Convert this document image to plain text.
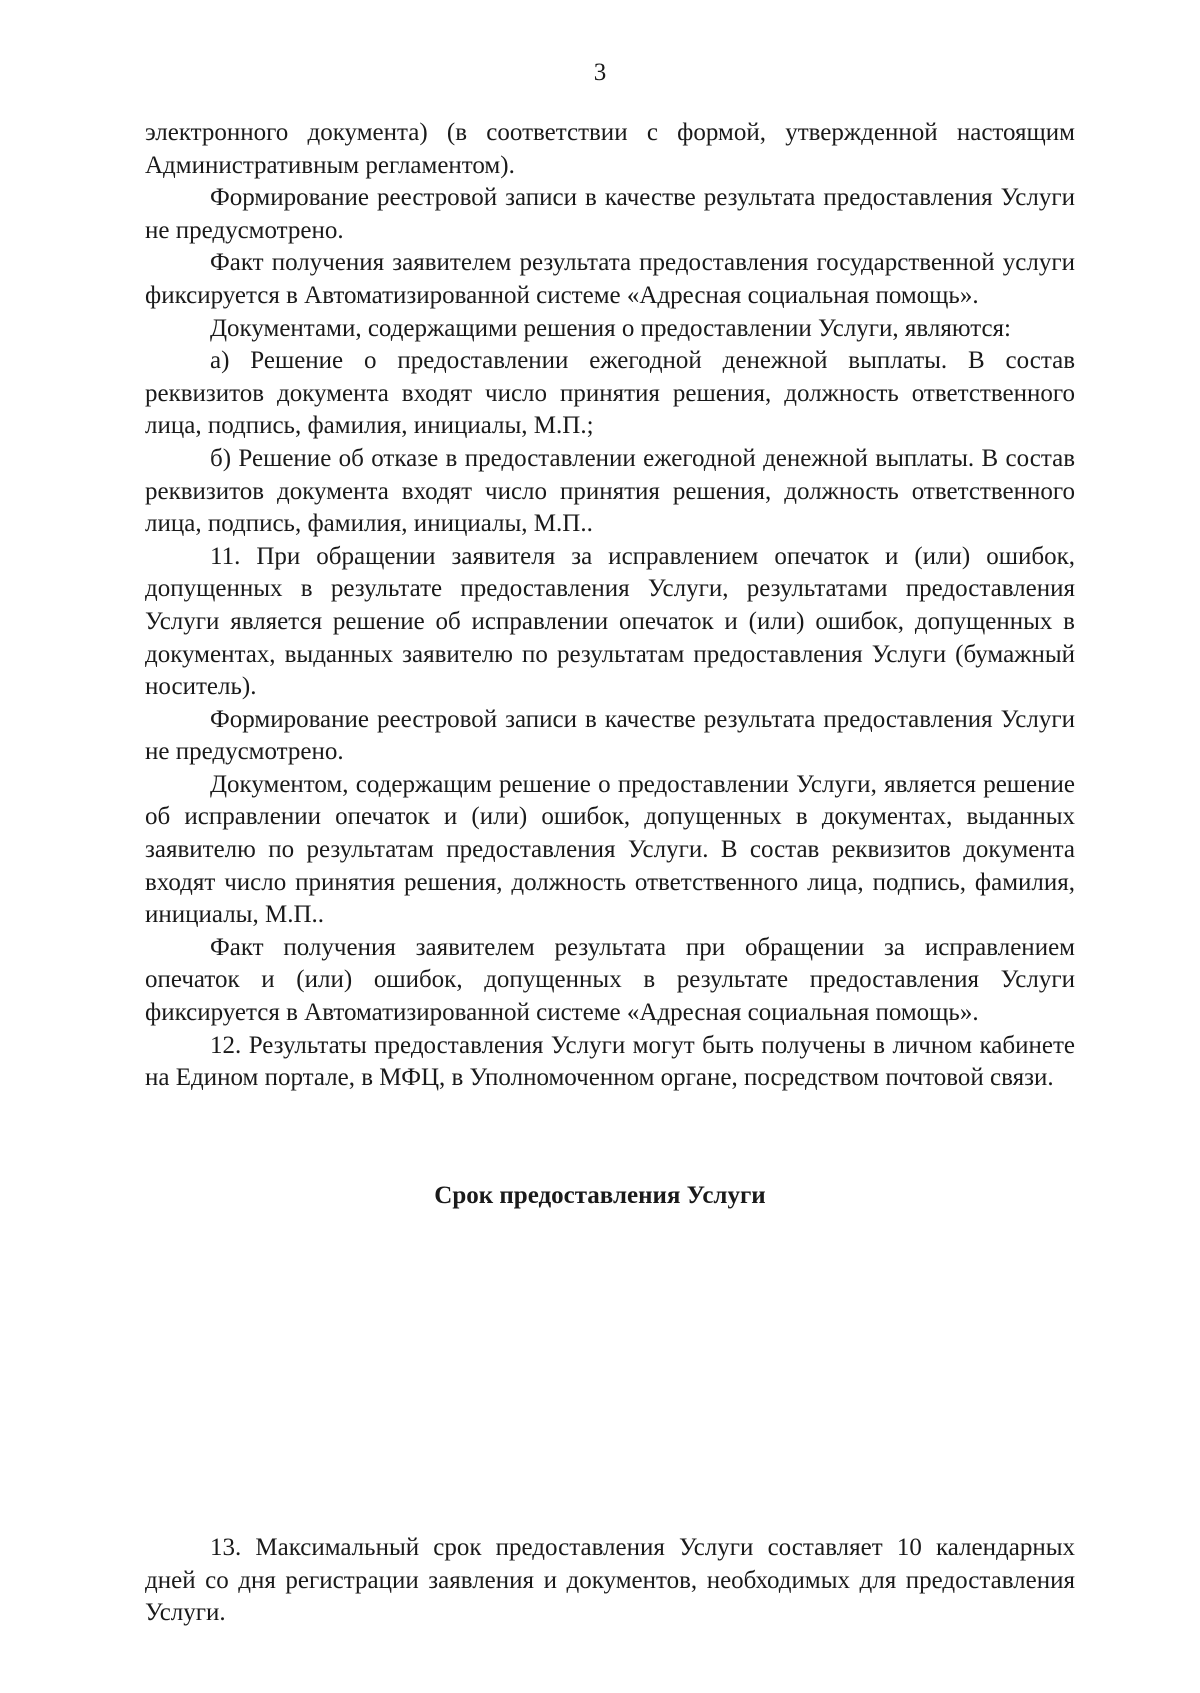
3

электронного документа) (в соответствии с формой, утвержденной настоящим Административным регламентом).

Формирование реестровой записи в качестве результата предоставления Услуги не предусмотрено.

Факт получения заявителем результата предоставления государственной услуги фиксируется в Автоматизированной системе «Адресная социальная помощь».

Документами, содержащими решения о предоставлении Услуги, являются:

а) Решение о предоставлении ежегодной денежной выплаты. В состав реквизитов документа входят число принятия решения, должность ответственного лица, подпись, фамилия, инициалы, М.П.;

б) Решение об отказе в предоставлении ежегодной денежной выплаты. В состав реквизитов документа входят число принятия решения, должность ответственного лица, подпись, фамилия, инициалы, М.П..

11. При обращении заявителя за исправлением опечаток и (или) ошибок, допущенных в результате предоставления Услуги, результатами предоставления Услуги является решение об исправлении опечаток и (или) ошибок, допущенных в документах, выданных заявителю по результатам предоставления Услуги (бумажный носитель).

Формирование реестровой записи в качестве результата предоставления Услуги не предусмотрено.

Документом, содержащим решение о предоставлении Услуги, является решение об исправлении опечаток и (или) ошибок, допущенных в документах, выданных заявителю по результатам предоставления Услуги. В состав реквизитов документа входят число принятия решения, должность ответственного лица, подпись, фамилия, инициалы, М.П..

Факт получения заявителем результата при обращении за исправлением опечаток и (или) ошибок, допущенных в результате предоставления Услуги фиксируется в Автоматизированной системе «Адресная социальная помощь».

12. Результаты предоставления Услуги могут быть получены в личном кабинете на Едином портале, в МФЦ, в Уполномоченном органе, посредством почтовой связи.

Срок предоставления Услуги

13. Максимальный срок предоставления Услуги составляет 10 календарных дней со дня регистрации заявления и документов, необходимых для предоставления Услуги.
